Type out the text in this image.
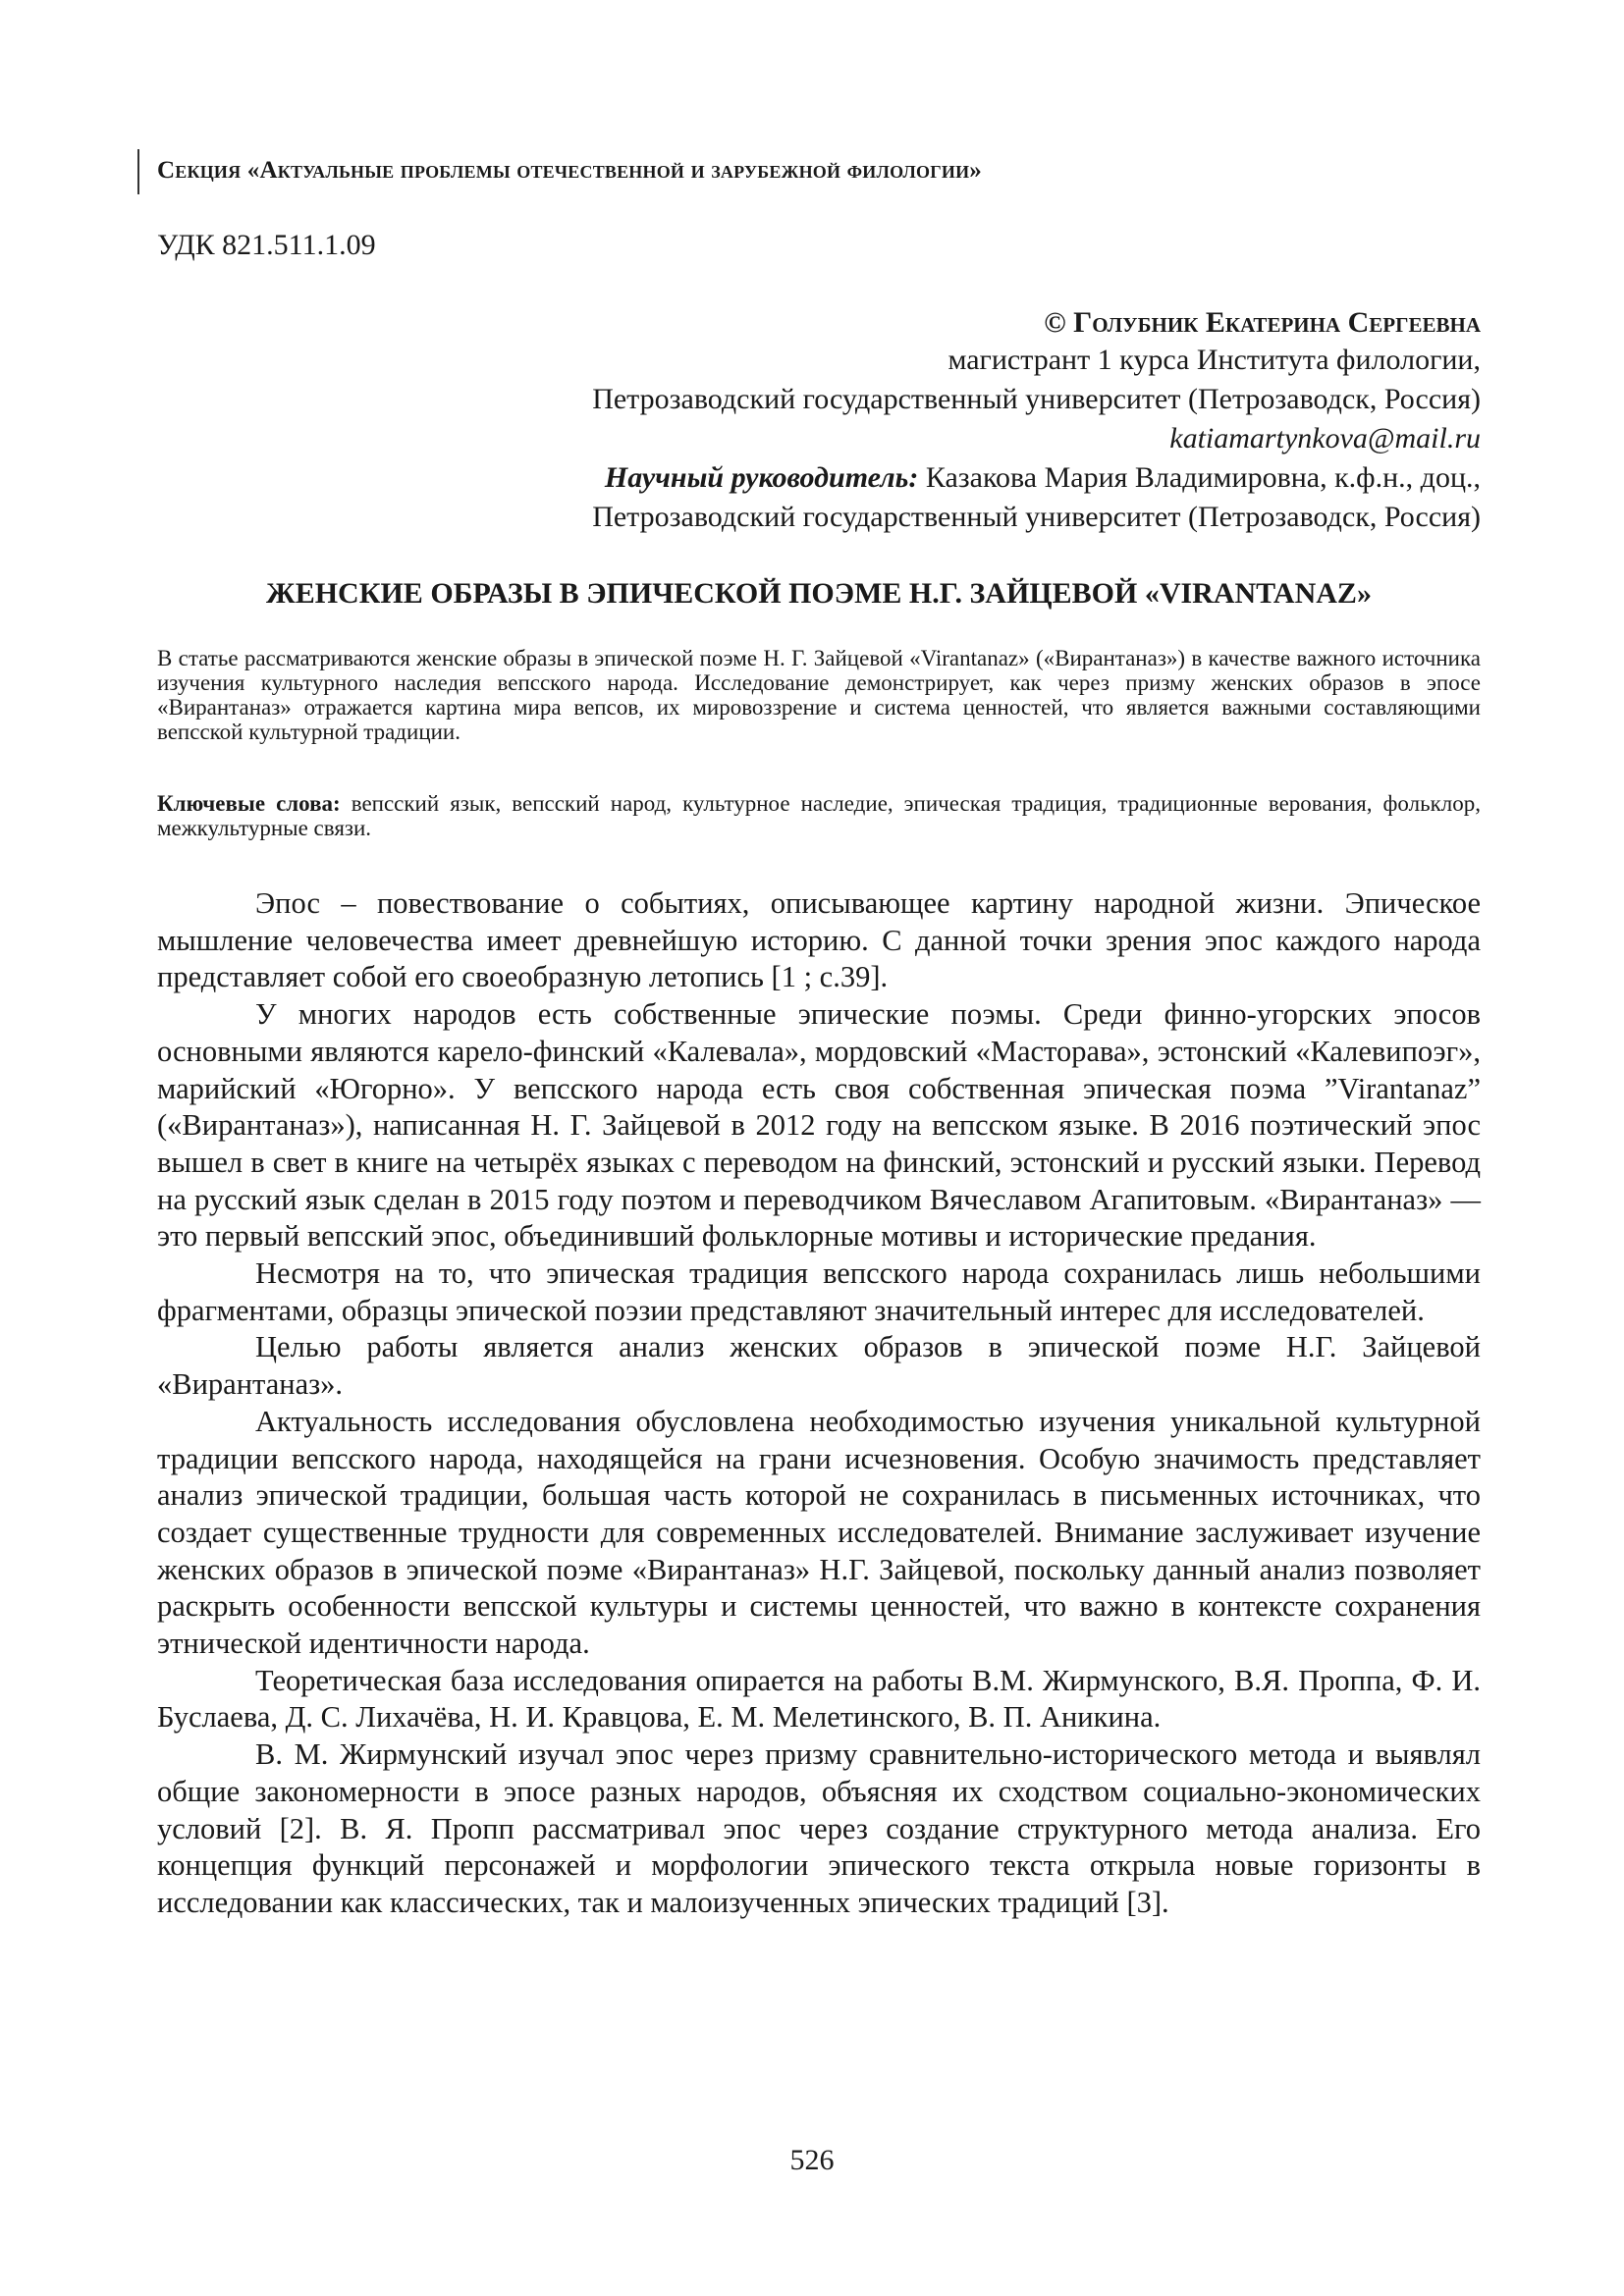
Секция «Актуальные проблемы отечественной и зарубежной филологии»
УДК 821.511.1.09
© Голубник Екатерина Сергеевна
магистрант 1 курса Института филологии,
Петрозаводский государственный университет (Петрозаводск, Россия)
katiamartynkova@mail.ru
Научный руководитель: Казакова Мария Владимировна, к.ф.н., доц.,
Петрозаводский государственный университет (Петрозаводск, Россия)
ЖЕНСКИЕ ОБРАЗЫ В ЭПИЧЕСКОЙ ПОЭМЕ Н.Г. ЗАЙЦЕВОЙ «VIRANTANAZ»
В статье рассматриваются женские образы в эпической поэме Н. Г. Зайцевой «Virantanaz» («Вирантаназ») в качестве важного источника изучения культурного наследия вепсского народа. Исследование демонстрирует, как через призму женских образов в эпосе «Вирантаназ» отражается картина мира вепсов, их мировоззрение и система ценностей, что является важными составляющими вепсской культурной традиции.
Ключевые слова: вепсский язык, вепсский народ, культурное наследие, эпическая традиция, традиционные верования, фольклор, межкультурные связи.

Эпос – повествование о событиях, описывающее картину народной жизни. Эпическое мышление человечества имеет древнейшую историю. С данной точки зрения эпос каждого народа представляет собой его своеобразную летопись [1 ; с.39].

У многих народов есть собственные эпические поэмы. Среди финно-угорских эпосов основными являются карело-финский «Калевала», мордовский «Масторава», эстонский «Калевипоэг», марийский «Югорно». У вепсского народа есть своя собственная эпическая поэма ”Virantanaz” («Вирантаназ»), написанная Н. Г. Зайцевой в 2012 году на вепсском языке. В 2016 поэтический эпос вышел в свет в книге на четырёх языках с переводом на финский, эстонский и русский языки. Перевод на русский язык сделан в 2015 году поэтом и переводчиком Вячеславом Агапитовым. «Вирантаназ» — это первый вепсский эпос, объединивший фольклорные мотивы и исторические предания.

Несмотря на то, что эпическая традиция вепсского народа сохранилась лишь небольшими фрагментами, образцы эпической поэзии представляют значительный интерес для исследователей.

Целью работы является анализ женских образов в эпической поэме Н.Г. Зайцевой «Вирантаназ».

Актуальность исследования обусловлена необходимостью изучения уникальной культурной традиции вепсского народа, находящейся на грани исчезновения. Особую значимость представляет анализ эпической традиции, большая часть которой не сохранилась в письменных источниках, что создает существенные трудности для современных исследователей. Внимание заслуживает изучение женских образов в эпической поэме «Вирантаназ» Н.Г. Зайцевой, поскольку данный анализ позволяет раскрыть особенности вепсской культуры и системы ценностей, что важно в контексте сохранения этнической идентичности народа.

Теоретическая база исследования опирается на работы В.М. Жирмунского, В.Я. Проппа, Ф. И. Буслаева, Д. С. Лихачёва, Н. И. Кравцова, Е. М. Мелетинского, В. П. Аникина.

В. М. Жирмунский изучал эпос через призму сравнительно-исторического метода и выявлял общие закономерности в эпосе разных народов, объясняя их сходством социально-экономических условий [2]. В. Я. Пропп рассматривал эпос через создание структурного метода анализа. Его концепция функций персонажей и морфологии эпического текста открыла новые горизонты в исследовании как классических, так и малоизученных эпических традиций [3].

526
